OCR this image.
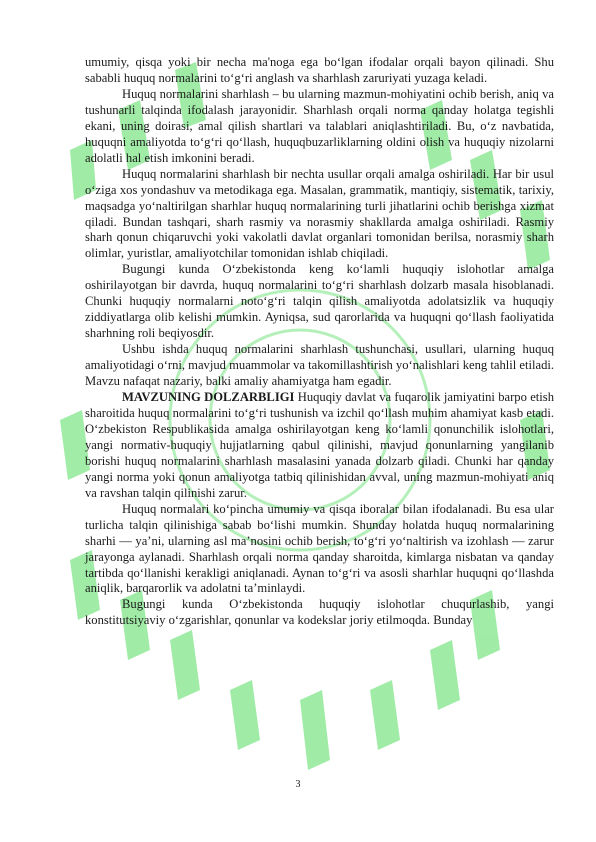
umumiy, qisqa yoki bir necha ma'noga ega bo‘lgan ifodalar orqali bayon qilinadi. Shu sababli huquq normalarini to‘g‘ri anglash va sharhlash zaruriyati yuzaga keladi.

Huquq normalarini sharhlash – bu ularning mazmun-mohiyatini ochib berish, aniq va tushunarli talqinda ifodalash jarayonidir. Sharhlash orqali norma qanday holatga tegishli ekani, uning doirasi, amal qilish shartlari va talablari aniqlashtiriladi. Bu, o‘z navbatida, huquqni amaliyotda to‘g‘ri qo‘llash, huquqbuzarliklarning oldini olish va huquqiy nizolarni adolatli hal etish imkonini beradi.

Huquq normalarini sharhlash bir nechta usullar orqali amalga oshiriladi. Har bir usul o‘ziga xos yondashuv va metodikaga ega. Masalan, grammatik, mantiqiy, sistematik, tarixiy, maqsadga yo‘naltirilgan sharhlar huquq normalarining turli jihatlarini ochib berishga xizmat qiladi. Bundan tashqari, sharh rasmiy va norasmiy shakllarda amalga oshiriladi. Rasmiy sharh qonun chiqaruvchi yoki vakolatli davlat organlari tomonidan berilsa, norasmiy sharh olimlar, yuristlar, amaliyotchilar tomonidan ishlab chiqiladi.

Bugungi kunda O‘zbekistonda keng ko‘lamli huquqiy islohotlar amalga oshirilayotgan bir davrda, huquq normalarini to‘g‘ri sharhlash dolzarb masala hisoblanadi. Chunki huquqiy normalarni noto‘g‘ri talqin qilish amaliyotda adolatsizlik va huquqiy ziddiyatlarga olib kelishi mumkin. Ayniqsa, sud qarorlarida va huquqni qo‘llash faoliyatida sharhning roli beqiyosdir.

Ushbu ishda huquq normalarini sharhlash tushunchasi, usullari, ularning huquq amaliyotidagi o‘rni, mavjud muammolar va takomillashtirish yo‘nalishlari keng tahlil etiladi. Mavzu nafaqat nazariy, balki amaliy ahamiyatga ham egadir.

MAVZUNING DOLZARBLIGI Huquqiy davlat va fuqarolik jamiyatini barpo etish sharoitida huquq normalarini to‘g‘ri tushunish va izchil qo‘llash muhim ahamiyat kasb etadi. O‘zbekiston Respublikasida amalga oshirilayotgan keng ko‘lamli qonunchilik islohotlari, yangi normativ-huquqiy hujjatlarning qabul qilinishi, mavjud qonunlarning yangilanib borishi huquq normalarini sharhlash masalasini yanada dolzarb qiladi. Chunki har qanday yangi norma yoki qonun amaliyotga tatbiq qilinishidan avval, uning mazmun-mohiyati aniq va ravshan talqin qilinishi zarur.

Huquq normalari ko‘pincha umumiy va qisqa iboralar bilan ifodalanadi. Bu esa ular turlicha talqin qilinishiga sabab bo‘lishi mumkin. Shunday holatda huquq normalarining sharhi — ya’ni, ularning asl ma’nosini ochib berish, to‘g‘ri yo‘naltirish va izohlash — zarur jarayonga aylanadi. Sharhlash orqali norma qanday sharoitda, kimlarga nisbatan va qanday tartibda qo‘llanishi kerakligi aniqlanadi. Aynan to‘g‘ri va asosli sharhlar huquqni qo‘llashda aniqlik, barqarorlik va adolatni ta’minlaydi.

Bugungi kunda O‘zbekistonda huquqiy islohotlar chuqurlashib, yangi konstitutsiyaviy o‘zgarishlar, qonunlar va kodekslar joriy etilmoqda. Bunday

3
